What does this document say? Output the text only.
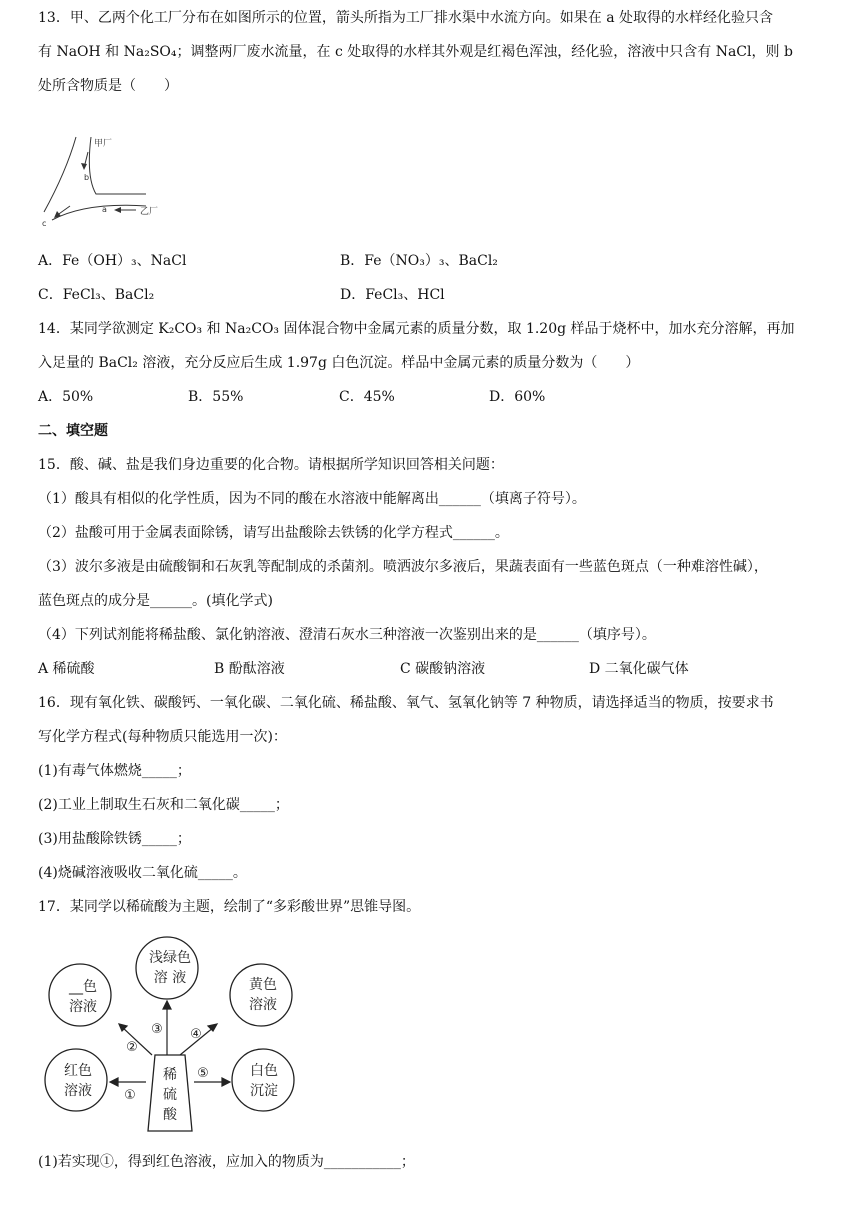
13．甲、乙两个化工厂分布在如图所示的位置，箭头所指为工厂排水渠中水流方向。如果在 a 处取得的水样经化验只含
有 NaOH 和 Na₂SO₄；调整两厂废水流量，在 c 处取得的水样其外观是红褐色浑浊，经化验，溶液中只含有 NaCl，则 b
处所含物质是（　　）
甲厂
乙厂
a
b
c
A．Fe（OH）₃、NaCl	B．Fe（NO₃）₃、BaCl₂
C．FeCl₃、BaCl₂	D．FeCl₃、HCl
14．某同学欲测定 K₂CO₃ 和 Na₂CO₃ 固体混合物中金属元素的质量分数，取 1.20g 样品于烧杯中，加水充分溶解，再加
入足量的 BaCl₂ 溶液，充分反应后生成 1.97g 白色沉淀。样品中金属元素的质量分数为（　　）
A．50%	B．55%	C．45%	D．60%
二、填空题
15．酸、碱、盐是我们身边重要的化合物。请根据所学知识回答相关问题：
（1）酸具有相似的化学性质，因为不同的酸在水溶液中能解离出______（填离子符号）。
（2）盐酸可用于金属表面除锈，请写出盐酸除去铁锈的化学方程式______。
（3）波尔多液是由硫酸铜和石灰乳等配制成的杀菌剂。喷洒波尔多液后，果蔬表面有一些蓝色斑点（一种难溶性碱），
蓝色斑点的成分是______。(填化学式)
（4）下列试剂能将稀盐酸、氯化钠溶液、澄清石灰水三种溶液一次鉴别出来的是______（填序号）。
A 稀硫酸	B 酚酞溶液	C 碳酸钠溶液	D 二氧化碳气体
16．现有氧化铁、碳酸钙、一氧化碳、二氧化硫、稀盐酸、氧气、氢氧化钠等 7 种物质，请选择适当的物质，按要求书
写化学方程式(每种物质只能选用一次)：
(1)有毒气体燃烧_____；
(2)工业上制取生石灰和二氧化碳_____；
(3)用盐酸除铁锈_____；
(4)烧碱溶液吸收二氧化硫_____。
17．某同学以稀硫酸为主题，绘制了“多彩酸世界”思锥导图。
浅绿色
溶 液
__色
溶液
黄色
溶液
红色
溶液
白色
沉淀
稀
硫
酸
①
②
③ ④
⑤
(1)若实现①，得到红色溶液，应加入的物质为___________；
